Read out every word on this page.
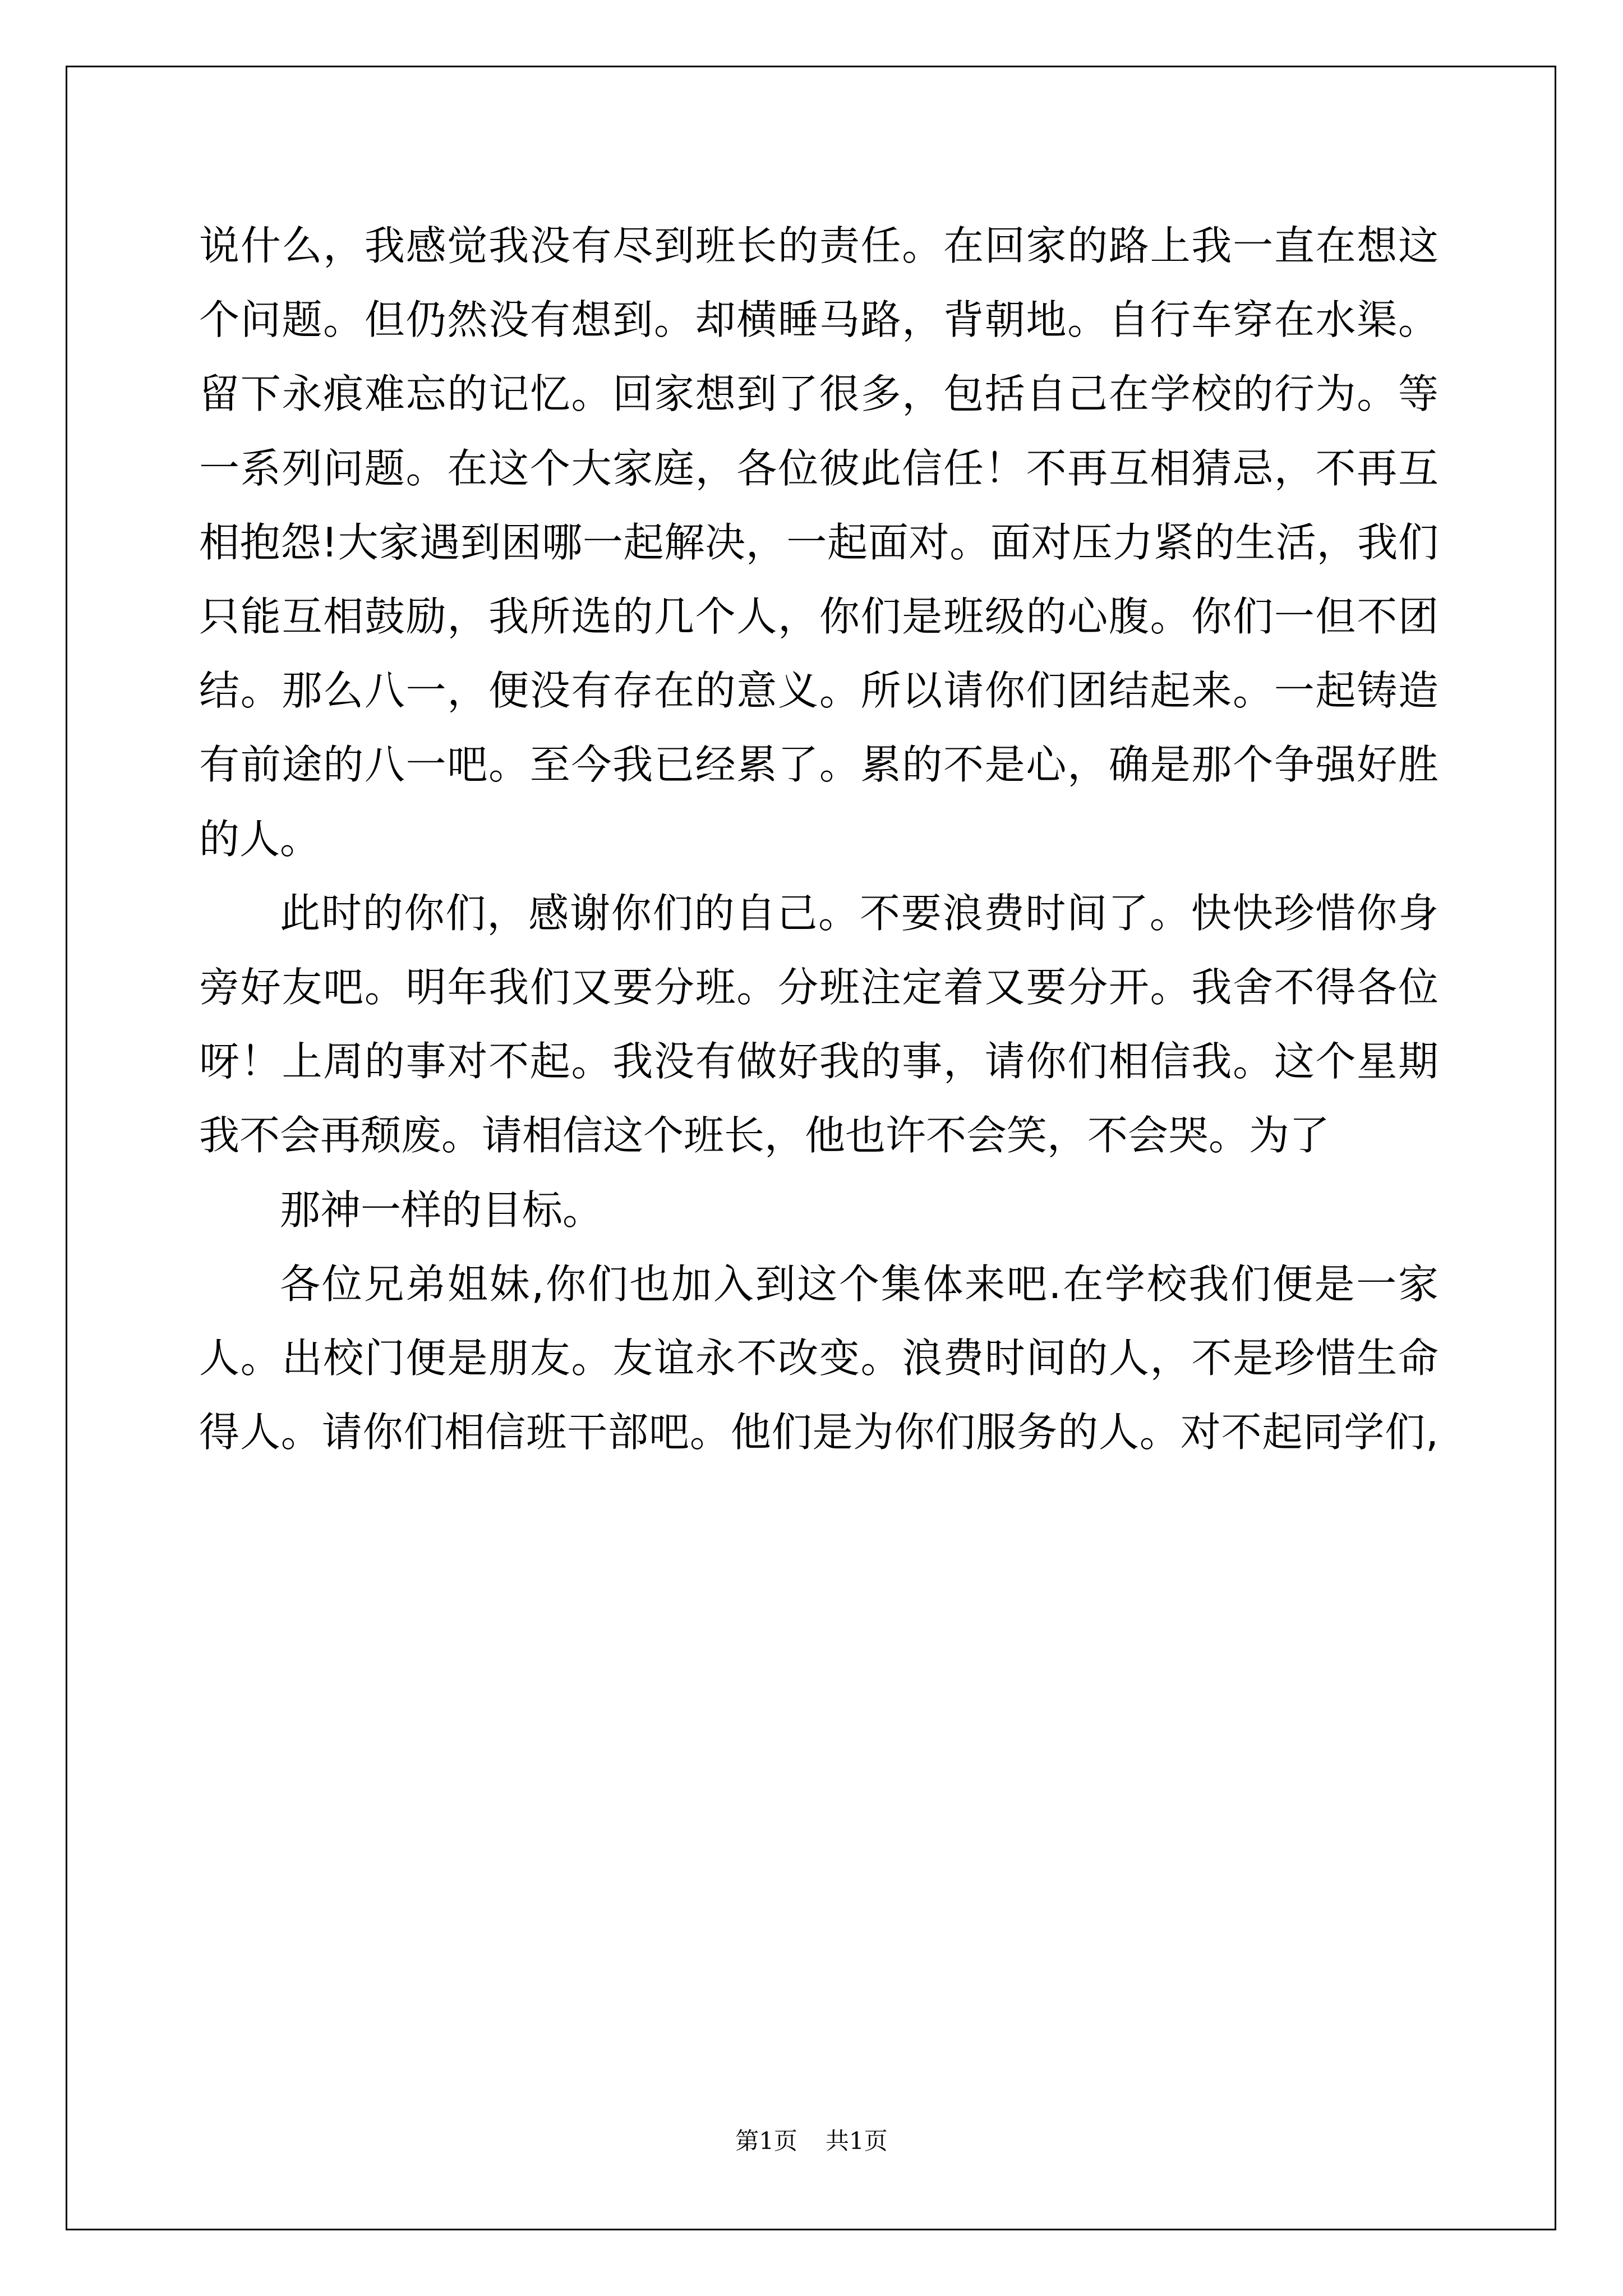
说什么，我感觉我没有尽到班长的责任。在回家的路上我一直在想这
个问题。但仍然没有想到。却横睡马路，背朝地。自行车穿在水渠。
留下永痕难忘的记忆。回家想到了很多，包括自己在学校的行为。等
一系列问题。在这个大家庭，各位彼此信任！不再互相猜忌，不再互
相抱怨!大家遇到困哪一起解决，一起面对。面对压力紧的生活，我们
只能互相鼓励，我所选的几个人，你们是班级的心腹。你们一但不团
结。那么八一，便没有存在的意义。所以请你们团结起来。一起铸造
有前途的八一吧。至今我已经累了。累的不是心，确是那个争强好胜
的人。
此时的你们，感谢你们的自己。不要浪费时间了。快快珍惜你身
旁好友吧。明年我们又要分班。分班注定着又要分开。我舍不得各位
呀！上周的事对不起。我没有做好我的事，请你们相信我。这个星期
我不会再颓废。请相信这个班长，他也许不会笑，不会哭。为了
那神一样的目标。
各位兄弟姐妹,你们也加入到这个集体来吧.在学校我们便是一家
人。出校门便是朋友。友谊永不改变。浪费时间的人，不是珍惜生命
得人。请你们相信班干部吧。他们是为你们服务的人。对不起同学们,
第1页 共1页
